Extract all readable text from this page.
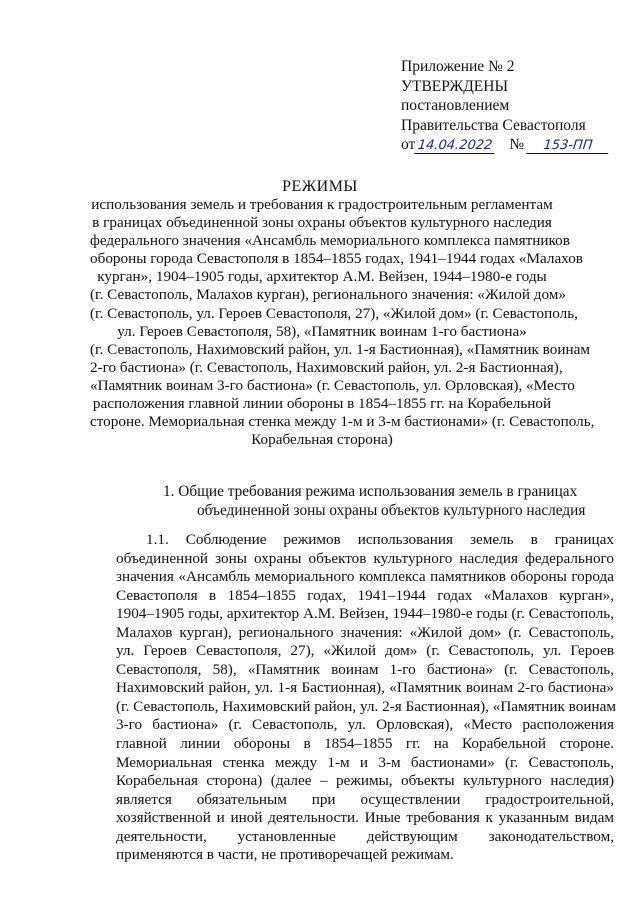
Приложение № 2
УТВЕРЖДЕНЫ
постановлением
Правительства Севастополя
от 14.04.2022 №	153-ПП
РЕЖИМЫ
использования земель и требования к градостроительным регламентам
в границах объединенной зоны охраны объектов культурного наследия
федерального значения «Ансамбль мемориального комплекса памятников
обороны города Севастополя в 1854–1855 годах, 1941–1944 годах «Малахов
курган», 1904–1905 годы, архитектор А.М. Вейзен, 1944–1980-е годы
(г. Севастополь, Малахов курган), регионального значения: «Жилой дом»
(г. Севастополь, ул. Героев Севастополя, 27), «Жилой дом» (г. Севастополь,
ул. Героев Севастополя, 58), «Памятник воинам 1-го бастиона»
(г. Севастополь, Нахимовский район, ул. 1-я Бастионная), «Памятник воинам
2-го бастиона» (г. Севастополь, Нахимовский район, ул. 2-я Бастионная),
«Памятник воинам 3-го бастиона» (г. Севастополь, ул. Орловская), «Место
расположения главной линии обороны в 1854–1855 гг. на Корабельной
стороне. Мемориальная стенка между 1-м и 3-м бастионами» (г. Севастополь,
Корабельная сторона)
1. Общие требования режима использования земель в границах
объединенной зоны охраны объектов культурного наследия
1.1. Соблюдение режимов использования земель в границах
объединенной зоны охраны объектов культурного наследия федерального
значения «Ансамбль мемориального комплекса памятников обороны города
Севастополя в 1854–1855 годах, 1941–1944 годах «Малахов курган»,
1904–1905 годы, архитектор А.М. Вейзен, 1944–1980-е годы (г. Севастополь,
Малахов курган), регионального значения: «Жилой дом» (г. Севастополь,
ул. Героев Севастополя, 27), «Жилой дом» (г. Севастополь, ул. Героев
Севастополя, 58), «Памятник воинам 1-го бастиона» (г. Севастополь,
Нахимовский район, ул. 1-я Бастионная), «Памятник воинам 2-го бастиона»
(г. Севастополь, Нахимовский район, ул. 2-я Бастионная), «Памятник воинам
3-го бастиона» (г. Севастополь, ул. Орловская), «Место расположения
главной линии обороны в 1854–1855 гг. на Корабельной стороне.
Мемориальная стенка между 1-м и 3-м бастионами» (г. Севастополь,
Корабельная сторона) (далее – режимы, объекты культурного наследия)
является обязательным при осуществлении градостроительной,
хозяйственной и иной деятельности. Иные требования к указанным видам
деятельности, установленные действующим законодательством,
применяются в части, не противоречащей режимам.
